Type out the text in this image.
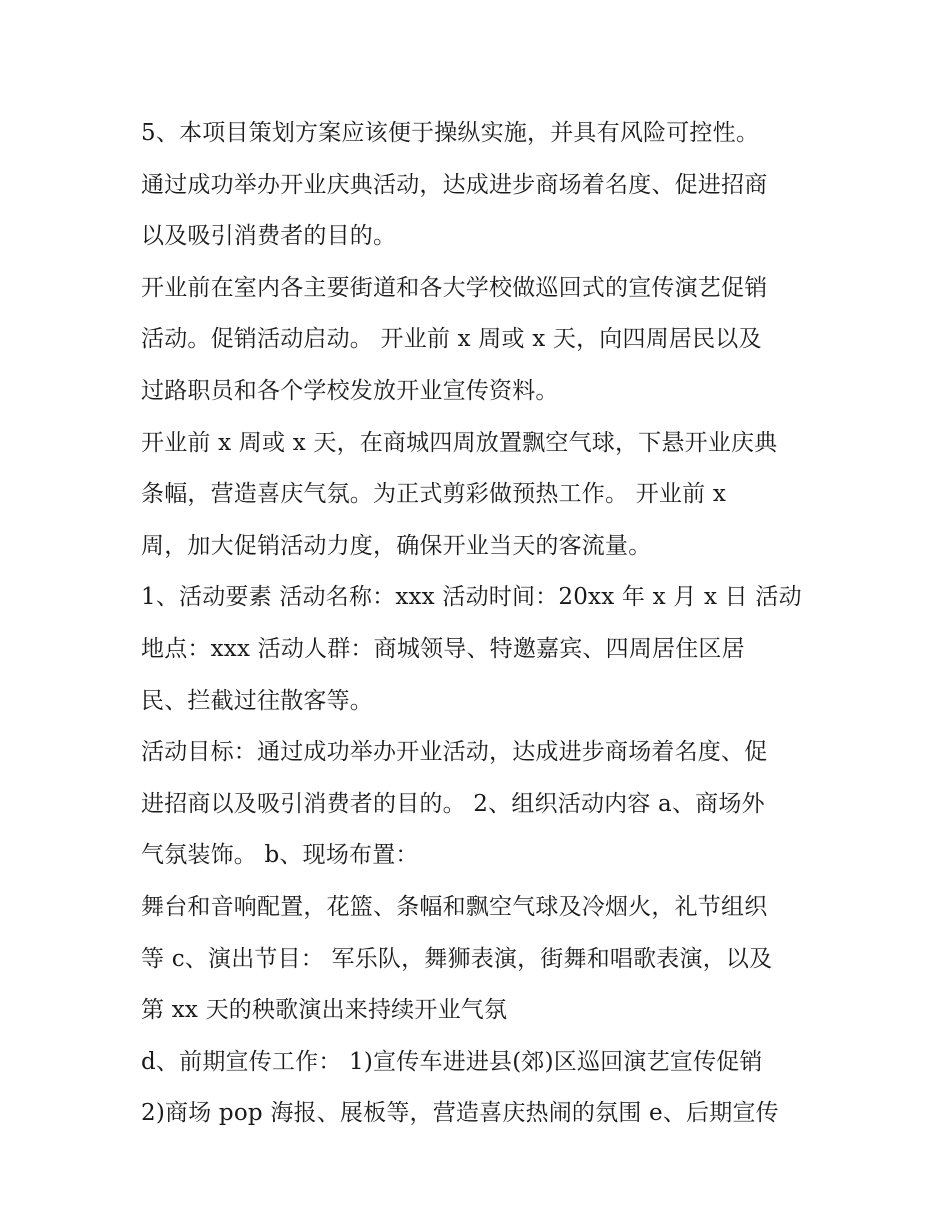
5、本项目策划方案应该便于操纵实施，并具有风险可控性。
通过成功举办开业庆典活动，达成进步商场着名度、促进招商
以及吸引消费者的目的。
开业前在室内各主要街道和各大学校做巡回式的宣传演艺促销
活动。促销活动启动。 开业前 x 周或 x 天，向四周居民以及
过路职员和各个学校发放开业宣传资料。
开业前 x 周或 x 天，在商城四周放置飘空气球，下悬开业庆典
条幅，营造喜庆气氛。为正式剪彩做预热工作。 开业前 x
周，加大促销活动力度，确保开业当天的客流量。
1、活动要素 活动名称：xxx 活动时间：20xx 年 x 月 x 日 活动
地点：xxx 活动人群：商城领导、特邀嘉宾、四周居住区居
民、拦截过往散客等。
活动目标：通过成功举办开业活动，达成进步商场着名度、促
进招商以及吸引消费者的目的。 2、组织活动内容 a、商场外
气氛装饰。 b、现场布置：
舞台和音响配置，花篮、条幅和飘空气球及冷烟火，礼节组织
等 c、演出节目： 军乐队，舞狮表演，街舞和唱歌表演，以及
第 xx 天的秧歌演出来持续开业气氛
d、前期宣传工作： 1)宣传车进进县(郊)区巡回演艺宣传促销
2)商场 pop 海报、展板等，营造喜庆热闹的氛围 e、后期宣传
